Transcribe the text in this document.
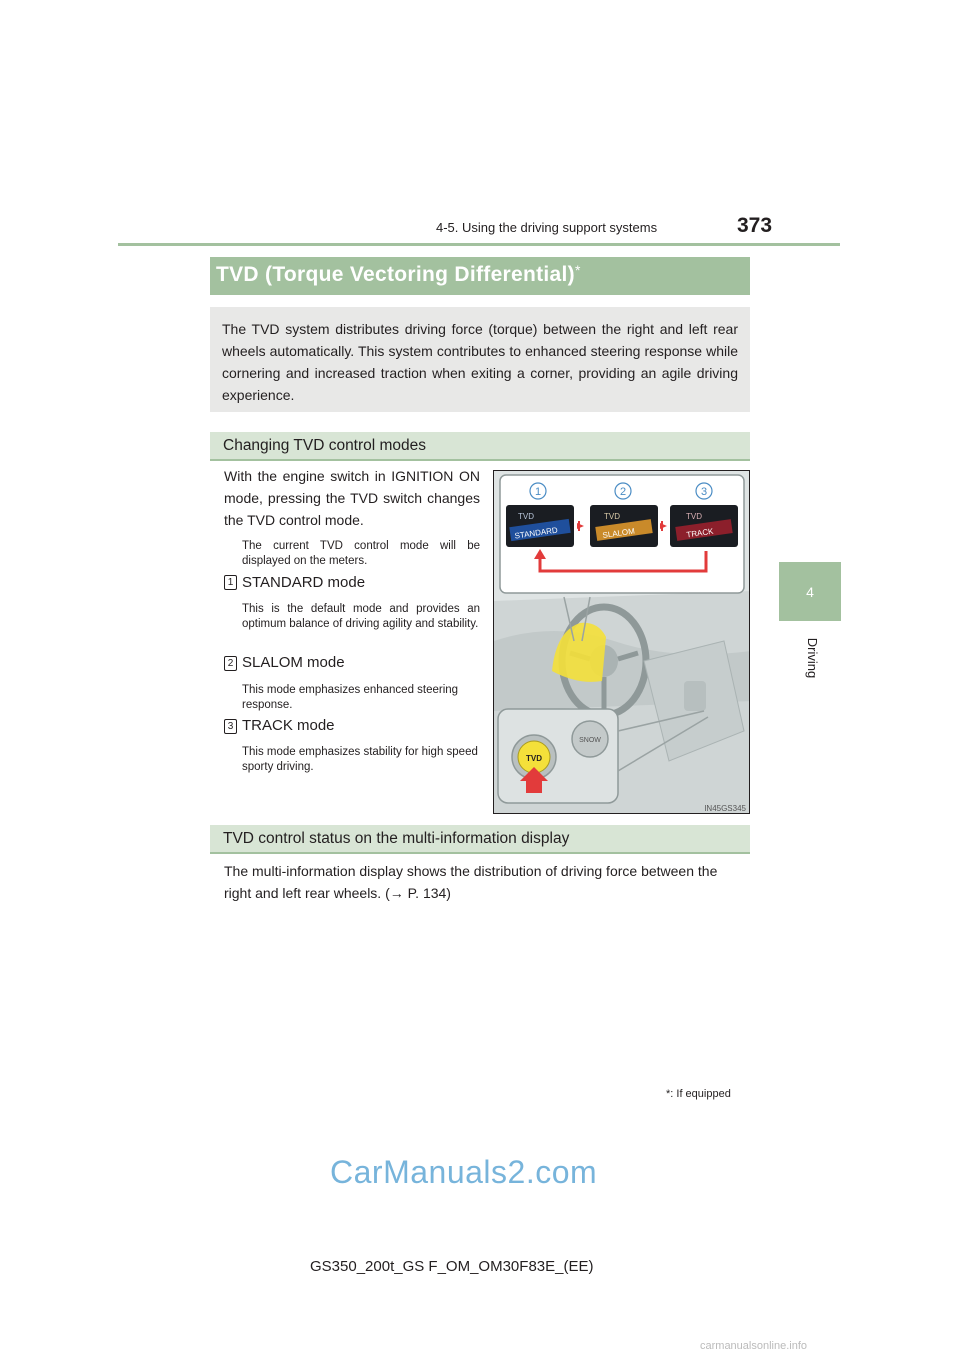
4-5. Using the driving support systems	373
4
Driving
TVD (Torque Vectoring Differential)*
The TVD system distributes driving force (torque) between the right and left rear wheels automatically. This system contributes to enhanced steering response while cornering and increased traction when exiting a corner, providing an agile driving experience.
Changing TVD control modes
With the engine switch in IGNITION ON mode, pressing the TVD switch changes the TVD control mode.
The current TVD control mode will be displayed on the meters.
1 STANDARD mode
This is the default mode and provides an optimum balance of driving agility and stability.
2 SLALOM mode
This mode emphasizes enhanced steering response.
3 TRACK mode
This mode emphasizes stability for high speed sporty driving.
1	2	3
TVD
STANDARD
TVD
SLALOM
TVD
TRACK
TVD
SNOW
IN45GS345
TVD control status on the multi-information display
The multi-information display shows the distribution of driving force between the right and left rear wheels. (→ P. 134)
*: If equipped
CarManuals2.com
GS350_200t_GS F_OM_OM30F83E_(EE)
carmanualsonline.info
